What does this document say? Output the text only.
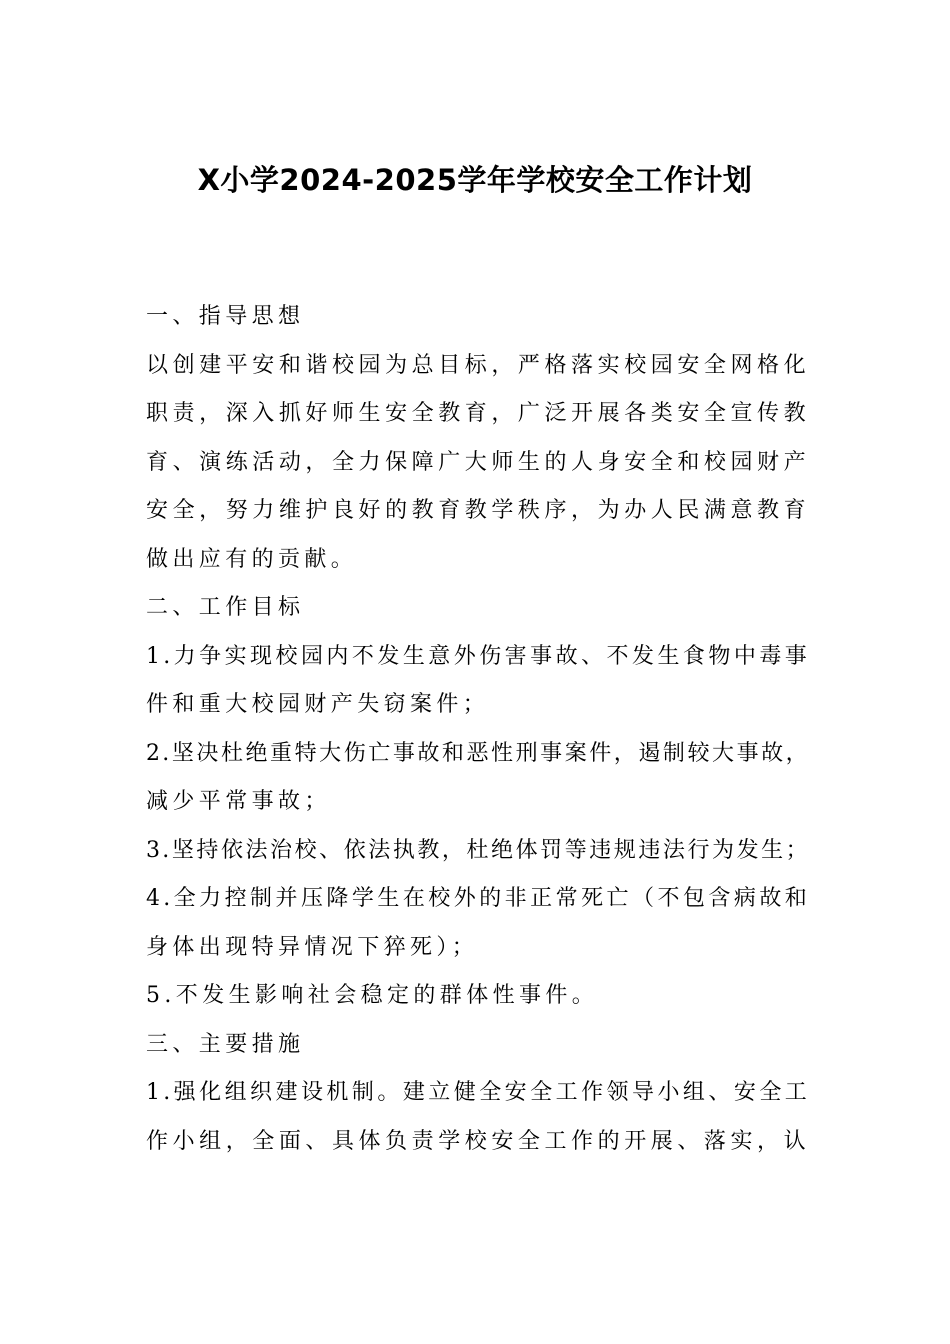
X小学2024-2025学年学校安全工作计划
一、指导思想
以创建平安和谐校园为总目标，严格落实校园安全网格化
职责，深入抓好师生安全教育，广泛开展各类安全宣传教
育、演练活动，全力保障广大师生的人身安全和校园财产
安全，努力维护良好的教育教学秩序，为办人民满意教育
做出应有的贡献。
二、工作目标
1.力争实现校园内不发生意外伤害事故、不发生食物中毒事
件和重大校园财产失窃案件；
2.坚决杜绝重特大伤亡事故和恶性刑事案件，遏制较大事故，
减少平常事故；
3.坚持依法治校、依法执教，杜绝体罚等违规违法行为发生；
4.全力控制并压降学生在校外的非正常死亡（不包含病故和
身体出现特异情况下猝死）；
5.不发生影响社会稳定的群体性事件。
三、主要措施
1.强化组织建设机制。建立健全安全工作领导小组、安全工
作小组，全面、具体负责学校安全工作的开展、落实，认
